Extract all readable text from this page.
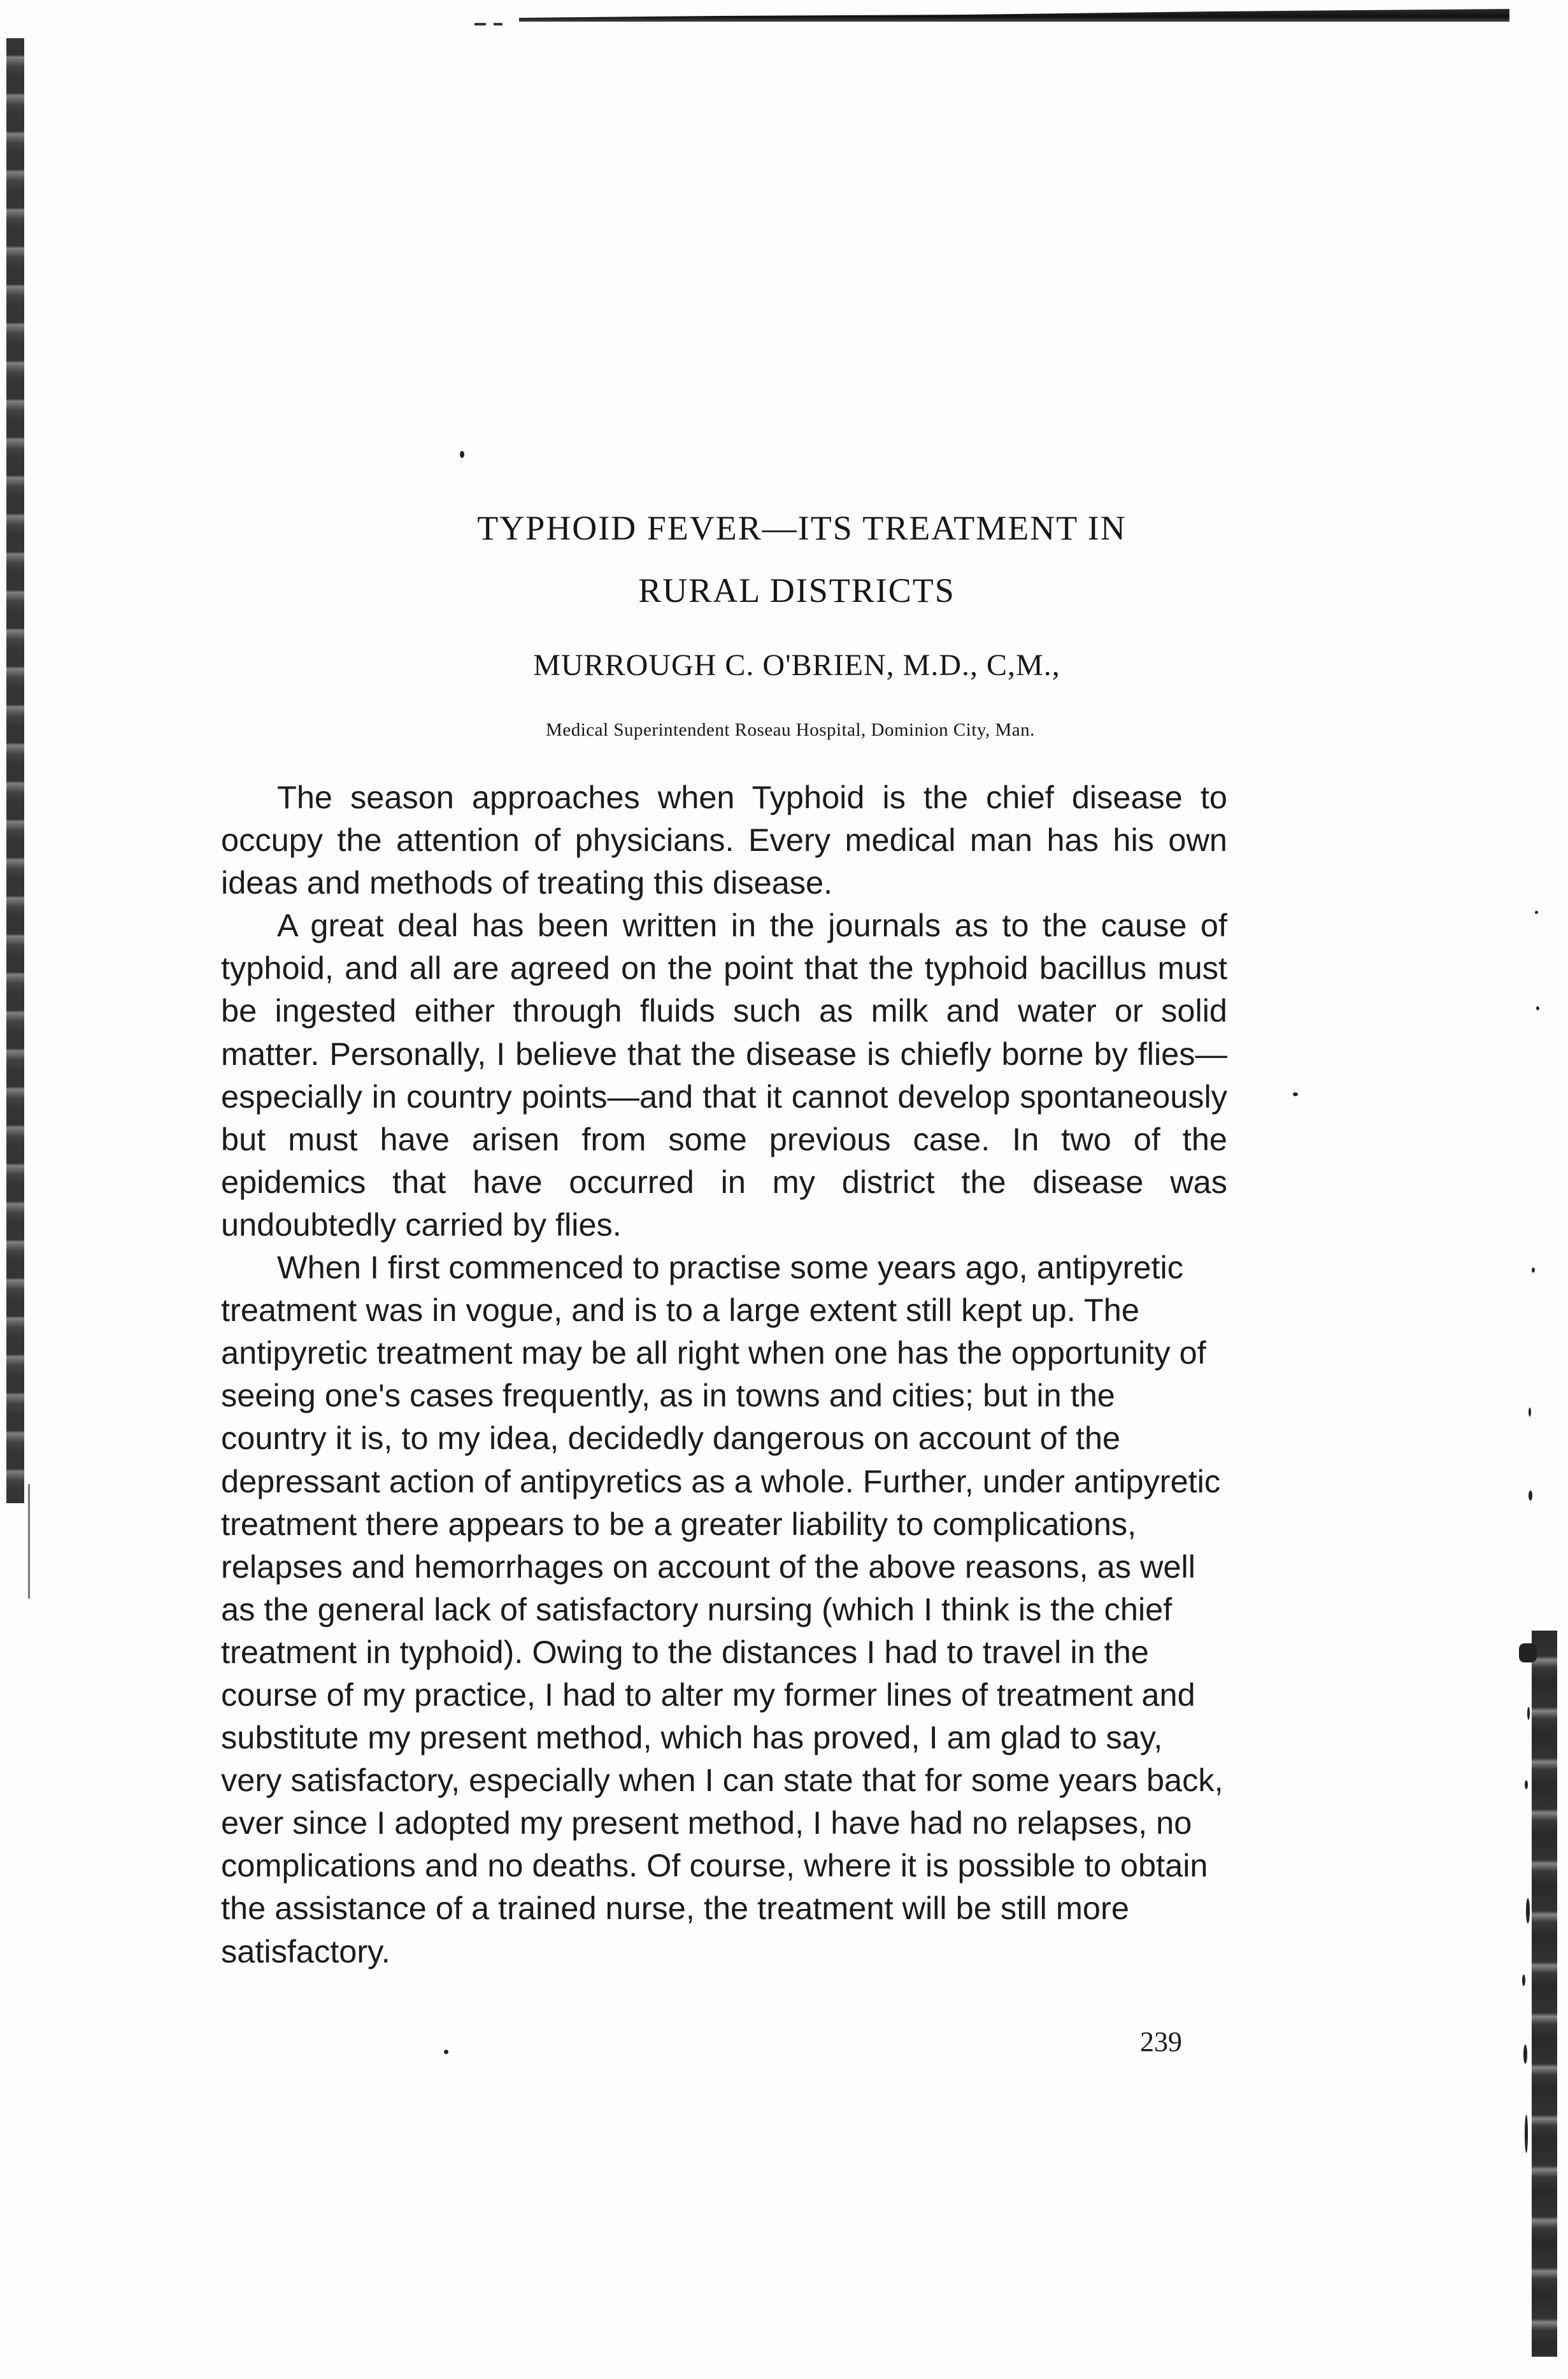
TYPHOID FEVER—ITS TREATMENT IN
RURAL DISTRICTS
MURROUGH C. O'BRIEN, M.D., C,M.,
Medical Superintendent Roseau Hospital, Dominion City, Man.

The season approaches when Typhoid is the chief disease to occupy the attention of physicians. Every medical man has his own ideas and methods of treating this disease.

A great deal has been written in the journals as to the cause of typhoid, and all are agreed on the point that the typhoid bacillus must be ingested either through fluids such as milk and water or solid matter. Personally, I believe that the disease is chiefly borne by flies—especially in country points—and that it cannot develop spontaneously but must have arisen from some previous case. In two of the epidemics that have occurred in my district the disease was undoubtedly carried by flies.

When I first commenced to practise some years ago, antipyretic treatment was in vogue, and is to a large extent still kept up. The antipyretic treatment may be all right when one has the opportunity of seeing one's cases frequently, as in towns and cities; but in the country it is, to my idea, decidedly dangerous on account of the depressant action of antipyretics as a whole. Further, under antipyretic treatment there appears to be a greater liability to complications, relapses and hemorrhages on account of the above reasons, as well as the general lack of satisfactory nursing (which I think is the chief treatment in typhoid). Owing to the distances I had to travel in the course of my practice, I had to alter my former lines of treatment and substitute my present method, which has proved, I am glad to say, very satisfactory, especially when I can state that for some years back, ever since I adopted my present method, I have had no relapses, no complications and no deaths. Of course, where it is possible to obtain the assistance of a trained nurse, the treatment will be still more satisfactory.

239
